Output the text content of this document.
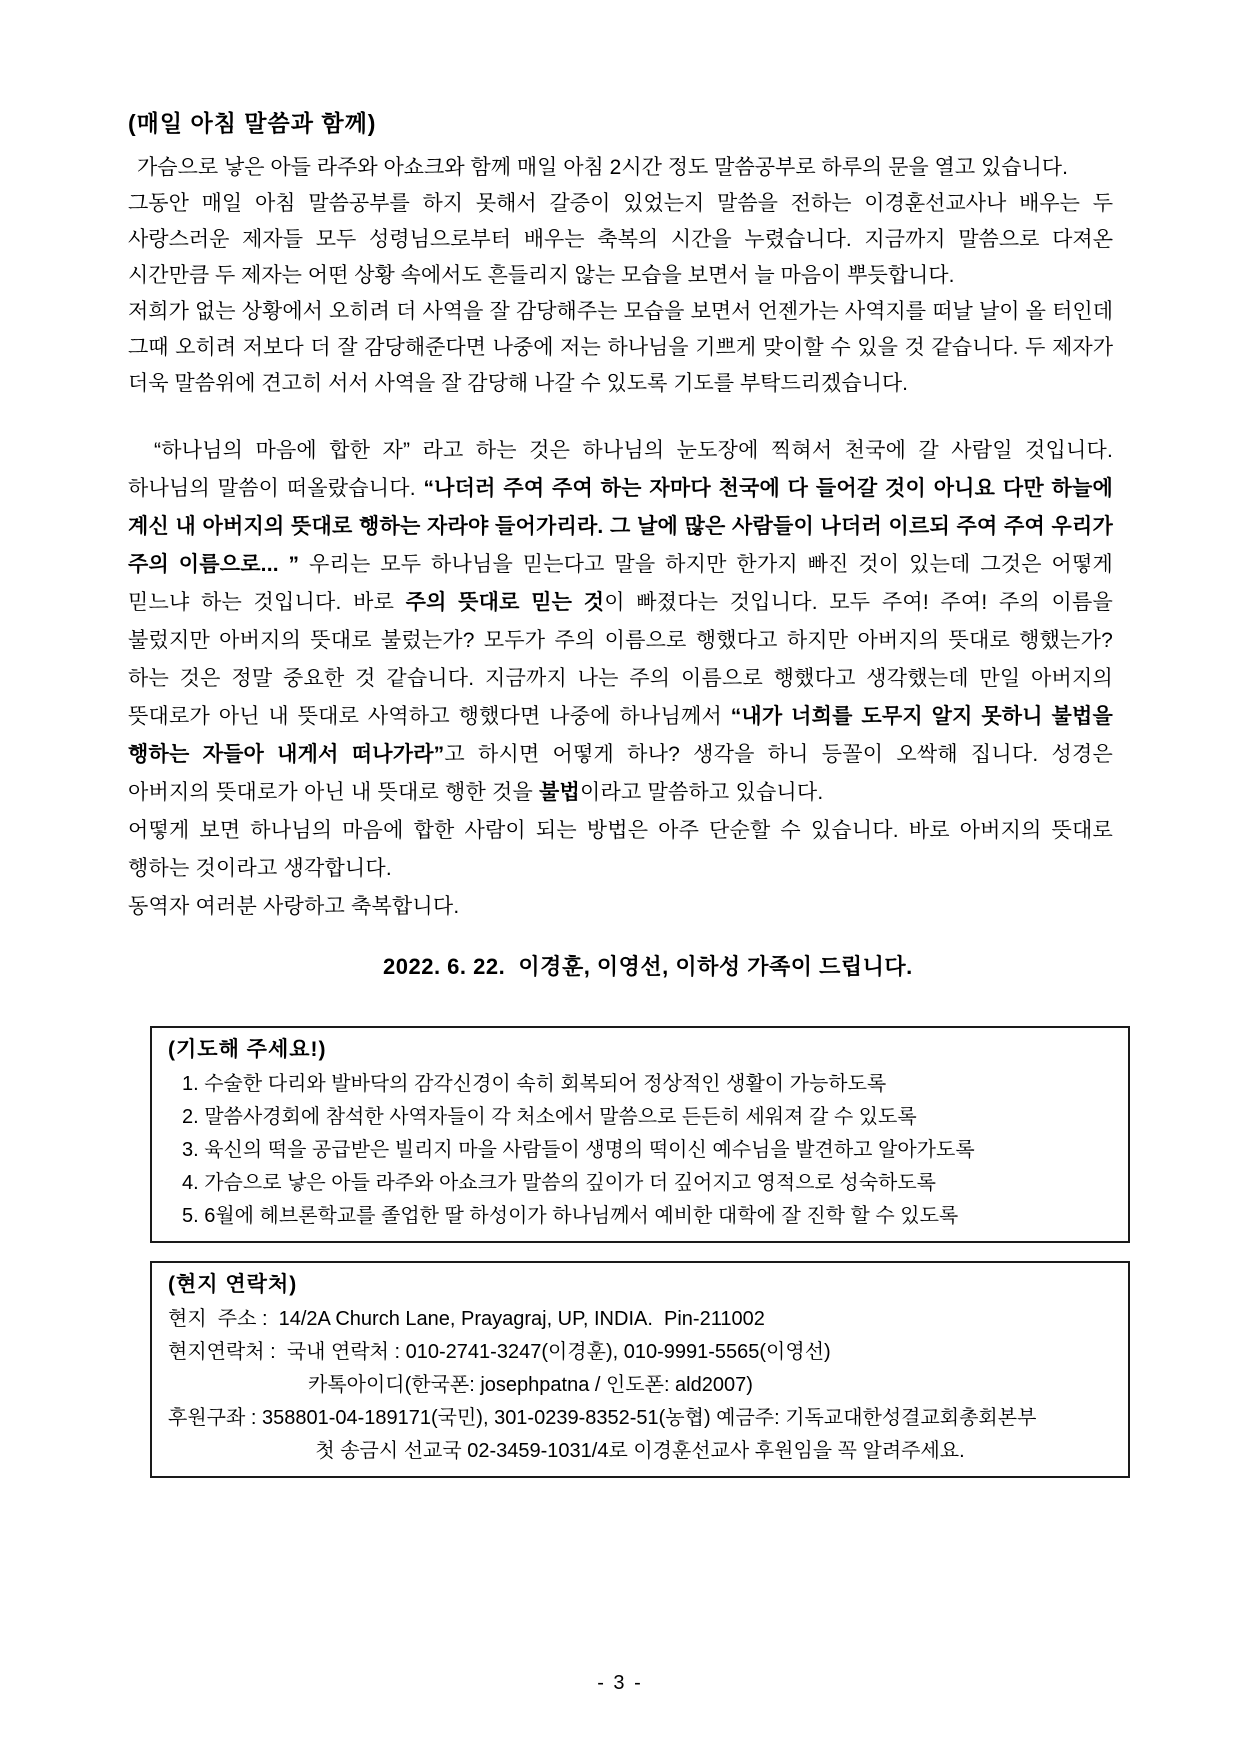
(매일 아침 말씀과 함께)

가슴으로 낳은 아들 라주와 아쇼크와 함께 매일 아침 2시간 정도 말씀공부로 하루의 문을 열고 있습니다.

그동안 매일 아침 말씀공부를 하지 못해서 갈증이 있었는지 말씀을 전하는 이경훈선교사나 배우는 두 사랑스러운 제자들 모두 성령님으로부터 배우는 축복의 시간을 누렸습니다. 지금까지 말씀으로 다져온 시간만큼 두 제자는 어떤 상황 속에서도 흔들리지 않는 모습을 보면서 늘 마음이 뿌듯합니다.

저희가 없는 상황에서 오히려 더 사역을 잘 감당해주는 모습을 보면서 언젠가는 사역지를 떠날 날이 올 터인데 그때 오히려 저보다 더 잘 감당해준다면 나중에 저는 하나님을 기쁘게 맞이할 수 있을 것 같습니다. 두 제자가 더욱 말씀위에 견고히 서서 사역을 잘 감당해 나갈 수 있도록 기도를 부탁드리겠습니다.

“하나님의 마음에 합한 자” 라고 하는 것은 하나님의 눈도장에 찍혀서 천국에 갈 사람일 것입니다. 하나님의 말씀이 떠올랐습니다. “나더러 주여 주여 하는 자마다 천국에 다 들어갈 것이 아니요 다만 하늘에 계신 내 아버지의 뜻대로 행하는 자라야 들어가리라. 그 날에 많은 사람들이 나더러 이르되 주여 주여 우리가 주의 이름으로... ” 우리는 모두 하나님을 믿는다고 말을 하지만 한가지 빠진 것이 있는데 그것은 어떻게 믿느냐 하는 것입니다. 바로 주의 뜻대로 믿는 것이 빠졌다는 것입니다. 모두 주여! 주여! 주의 이름을 불렀지만 아버지의 뜻대로 불렀는가? 모두가 주의 이름으로 행했다고 하지만 아버지의 뜻대로 행했는가? 하는 것은 정말 중요한 것 같습니다. 지금까지 나는 주의 이름으로 행했다고 생각했는데 만일 아버지의 뜻대로가 아닌 내 뜻대로 사역하고 행했다면 나중에 하나님께서 “내가 너희를 도무지 알지 못하니 불법을 행하는 자들아 내게서 떠나가라”고 하시면 어떻게 하나? 생각을 하니 등꼴이 오싹해 집니다. 성경은 아버지의 뜻대로가 아닌 내 뜻대로 행한 것을 불법이라고 말씀하고 있습니다.

어떻게 보면 하나님의 마음에 합한 사람이 되는 방법은 아주 단순할 수 있습니다. 바로 아버지의 뜻대로 행하는 것이라고 생각합니다.

동역자 여러분 사랑하고 축복합니다.

2022. 6. 22.  이경훈, 이영선, 이하성 가족이 드립니다.

(기도해 주세요!)

1. 수술한 다리와 발바닥의 감각신경이 속히 회복되어 정상적인 생활이 가능하도록

2. 말씀사경회에 참석한 사역자들이 각 처소에서 말씀으로 든든히 세워져 갈 수 있도록

3. 육신의 떡을 공급받은 빌리지 마을 사람들이 생명의 떡이신 예수님을 발견하고 알아가도록

4. 가슴으로 낳은 아들 라주와 아쇼크가 말씀의 깊이가 더 깊어지고 영적으로 성숙하도록

5. 6월에 헤브론학교를 졸업한 딸 하성이가 하나님께서 예비한 대학에 잘 진학 할 수 있도록

(현지 연락처)

현지  주소 :  14/2A Church Lane, Prayagraj, UP, INDIA.  Pin-211002

현지연락처 :  국내 연락처 : 010-2741-3247(이경훈), 010-9991-5565(이영선)

카톡아이디(한국폰: josephpatna / 인도폰: ald2007)

후원구좌 : 358801-04-189171(국민), 301-0239-8352-51(농협) 예금주: 기독교대한성결교회총회본부

첫 송금시 선교국 02-3459-1031/4로 이경훈선교사 후원임을 꼭 알려주세요.

- 3 -
